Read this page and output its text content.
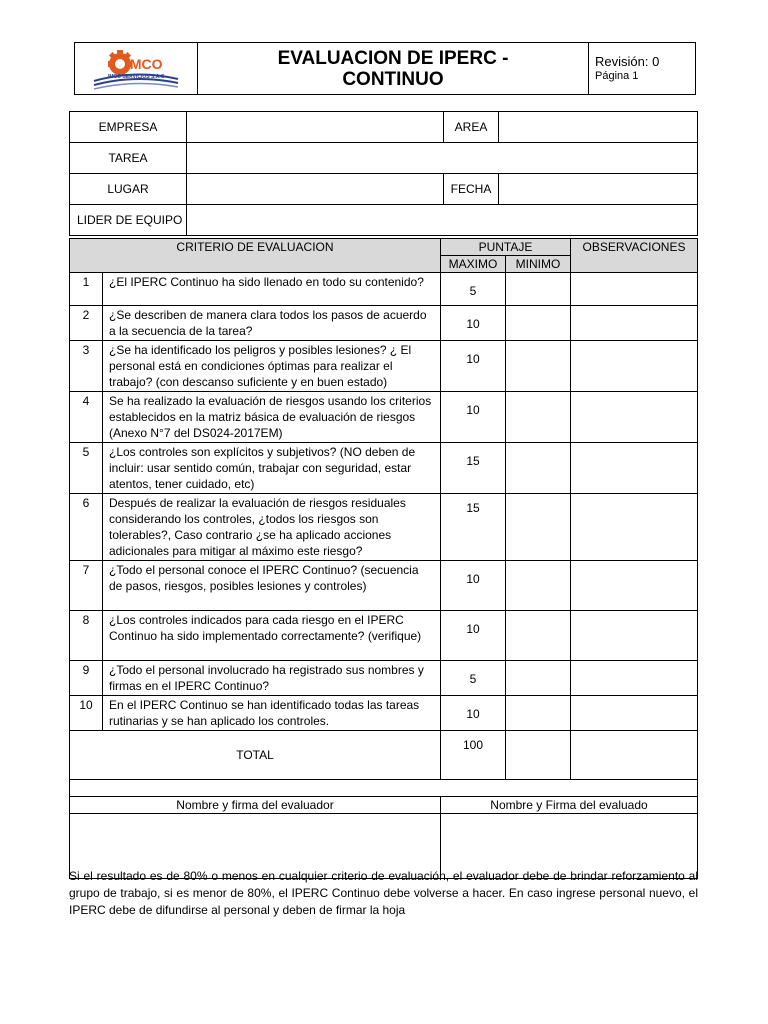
IMCO
IMCO SERVICIOS S.A.C

EVALUACION DE IPERC -
CONTINUO

Revisión: 0
Página 1
EMPRESA		AREA	
TAREA			
LUGAR		FECHA	
LIDER DE EQUIPO			
CRITERIO DE EVALUACION		PUNTAJE		OBSERVACIONES
		MAXIMO	MINIMO	
1	¿El IPERC Continuo ha sido llenado en todo su contenido?	5		
2	¿Se describen de manera clara todos los pasos de acuerdo a la secuencia de la tarea?	10		
3	¿Se ha identificado los peligros y posibles lesiones? ¿ El personal está en condiciones óptimas para realizar el trabajo? (con descanso suficiente y en buen estado)	10		
4	Se ha realizado la evaluación de riesgos usando los criterios establecidos en la matriz básica de evaluación de riesgos (Anexo N°7 del DS024-2017EM)	10		
5	¿Los controles son explícitos y subjetivos? (NO deben de incluir: usar sentido común, trabajar con seguridad, estar atentos, tener cuidado, etc)	15		
6	Después de realizar la evaluación de riesgos residuales considerando los controles, ¿todos los riesgos son tolerables?, Caso contrario ¿se ha aplicado acciones adicionales para mitigar al máximo este riesgo?	15		
7	¿Todo el personal conoce el IPERC Continuo? (secuencia de pasos, riesgos, posibles lesiones y controles)	10		
8	¿Los controles indicados para cada riesgo en el IPERC Continuo ha sido implementado correctamente? (verifique)	10		
9	¿Todo el personal involucrado ha registrado sus nombres y firmas en el IPERC Continuo?	5		
10	En el IPERC Continuo se han identificado todas las tareas rutinarias y se han aplicado los controles.	10		
TOTAL		100		

Nombre y firma del evaluador		Nombre y Firma del evaluado		

Si el resultado es de 80% o menos en cualquier criterio de evaluación, el evaluador debe de brindar reforzamiento al grupo de trabajo, si es menor de 80%, el IPERC Continuo debe volverse a hacer. En caso ingrese personal nuevo, el IPERC debe de difundirse al personal y deben de firmar la hoja
